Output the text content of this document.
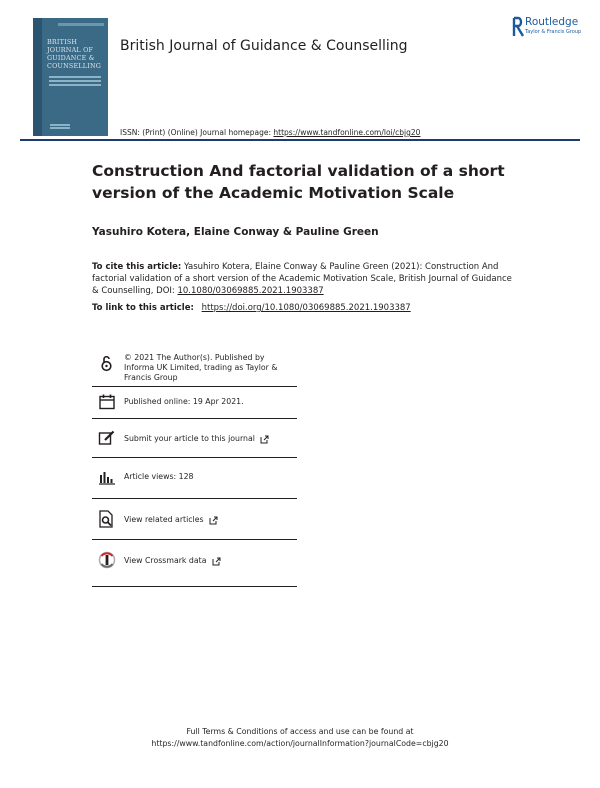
BRITISH
JOURNAL OF
GUIDANCE &
COUNSELLING
British Journal of Guidance & Counselling
Routledge
Taylor & Francis Group
ISSN: (Print) (Online) Journal homepage: https://www.tandfonline.com/loi/cbjg20
Construction And factorial validation of a short version of the Academic Motivation Scale
Yasuhiro Kotera, Elaine Conway & Pauline Green
To cite this article: Yasuhiro Kotera, Elaine Conway & Pauline Green (2021): Construction And factorial validation of a short version of the Academic Motivation Scale, British Journal of Guidance & Counselling, DOI: 10.1080/03069885.2021.1903387
To link to this article: https://doi.org/10.1080/03069885.2021.1903387
© 2021 The Author(s). Published by Informa UK Limited, trading as Taylor & Francis Group
Published online: 19 Apr 2021.
Submit your article to this journal
Article views: 128
View related articles
View Crossmark data
Full Terms & Conditions of access and use can be found at
https://www.tandfonline.com/action/journalInformation?journalCode=cbjg20
